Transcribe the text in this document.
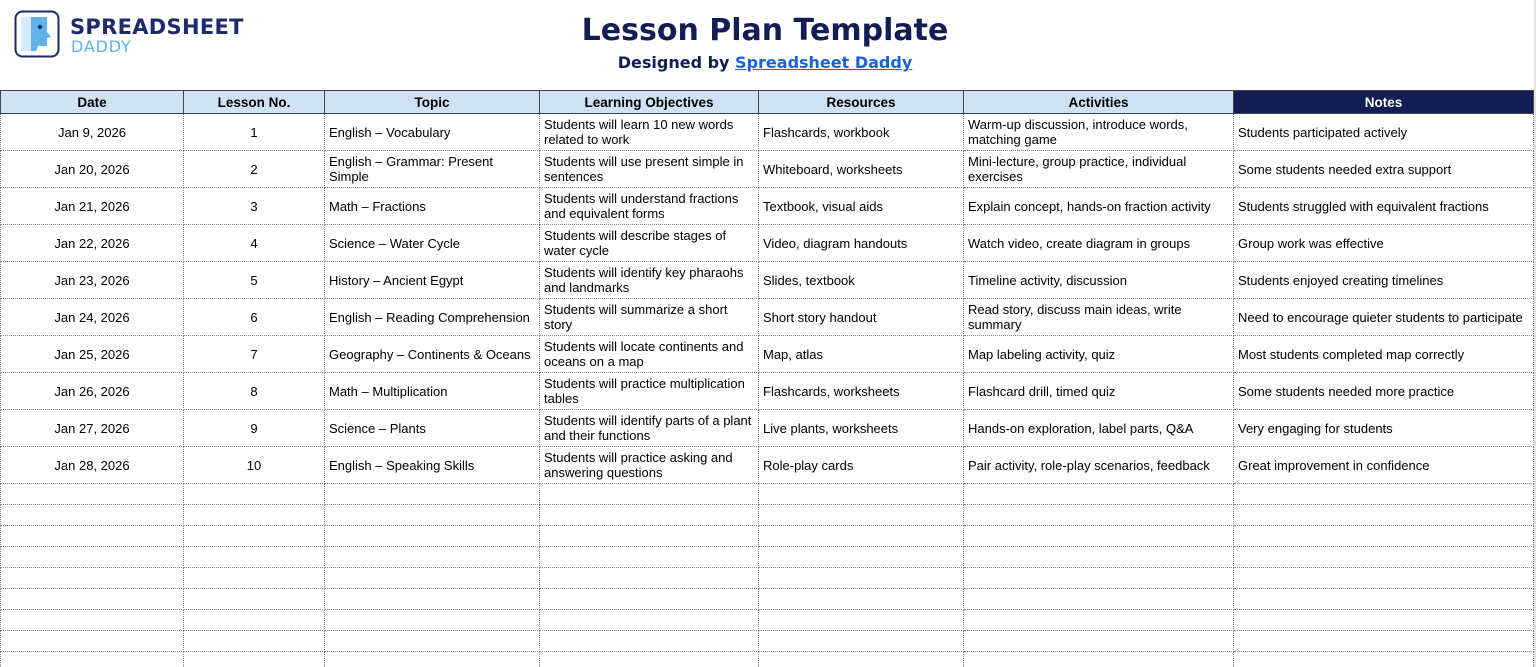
SPREADSHEET
DADDY	Lesson Plan Template
Designed by Spreadsheet Daddy
Date	Lesson No.	Topic	Learning Objectives	Resources	Activities	Notes
Jan 9, 2026	1	English – Vocabulary	Students will learn 10 new words related to work	Flashcards, workbook	Warm-up discussion, introduce words, matching game	Students participated actively
Jan 20, 2026	2	English – Grammar: Present Simple	Students will use present simple in sentences	Whiteboard, worksheets	Mini-lecture, group practice, individual exercises	Some students needed extra support
Jan 21, 2026	3	Math – Fractions	Students will understand fractions and equivalent forms	Textbook, visual aids	Explain concept, hands-on fraction activity	Students struggled with equivalent fractions
Jan 22, 2026	4	Science – Water Cycle	Students will describe stages of water cycle	Video, diagram handouts	Watch video, create diagram in groups	Group work was effective
Jan 23, 2026	5	History – Ancient Egypt	Students will identify key pharaohs and landmarks	Slides, textbook	Timeline activity, discussion	Students enjoyed creating timelines
Jan 24, 2026	6	English – Reading Comprehension	Students will summarize a short story	Short story handout	Read story, discuss main ideas, write summary	Need to encourage quieter students to participate
Jan 25, 2026	7	Geography – Continents & Oceans	Students will locate continents and oceans on a map	Map, atlas	Map labeling activity, quiz	Most students completed map correctly
Jan 26, 2026	8	Math – Multiplication	Students will practice multiplication tables	Flashcards, worksheets	Flashcard drill, timed quiz	Some students needed more practice
Jan 27, 2026	9	Science – Plants	Students will identify parts of a plant and their functions	Live plants, worksheets	Hands-on exploration, label parts, Q&A	Very engaging for students
Jan 28, 2026	10	English – Speaking Skills	Students will practice asking and answering questions	Role-play cards	Pair activity, role-play scenarios, feedback	Great improvement in confidence
